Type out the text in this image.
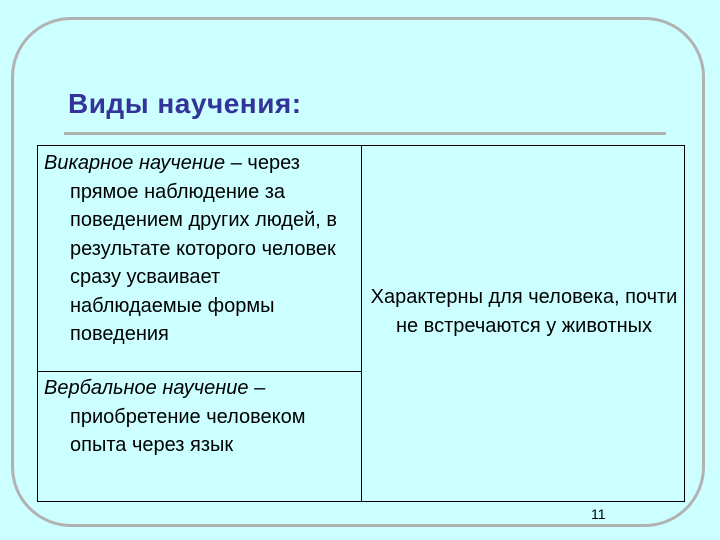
Виды научения:
Викарное научение – через прямое наблюдение за поведением других людей, в результате которого человек сразу усваивает наблюдаемые формы поведения
Вербальное научение – приобретение человеком опыта через язык
Характерны для человека, почти не встречаются у животных
11
